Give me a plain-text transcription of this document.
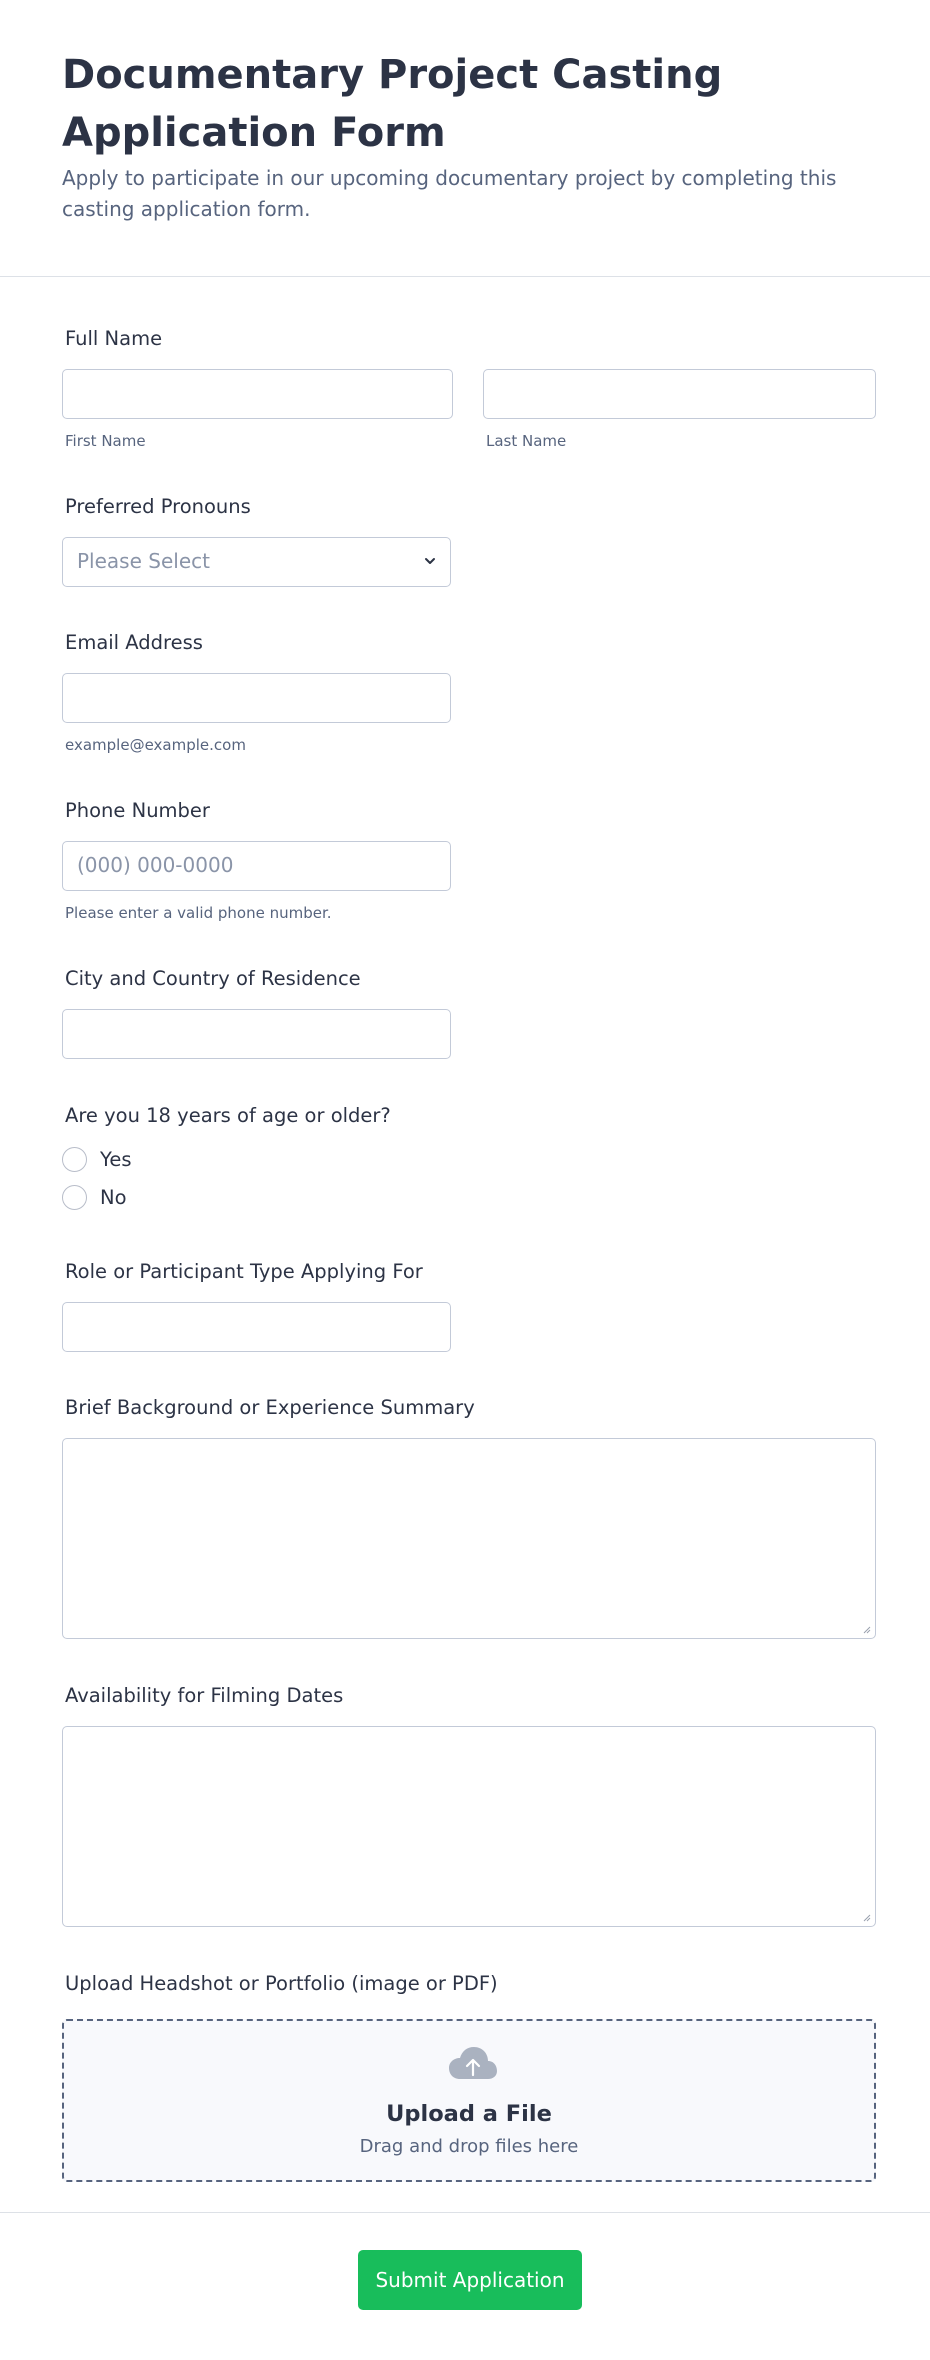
Documentary Project Casting Application Form

Apply to participate in our upcoming documentary project by completing this casting application form.

Full Name
First Name	Last Name
Preferred Pronouns
Please Select
Email Address
example@example.com
Phone Number
(000) 000-0000
Please enter a valid phone number.
City and Country of Residence
Are you 18 years of age or older?
Yes
No
Role or Participant Type Applying For
Brief Background or Experience Summary
Availability for Filming Dates
Upload Headshot or Portfolio (image or PDF)
Upload a File
Drag and drop files here
Submit Application
